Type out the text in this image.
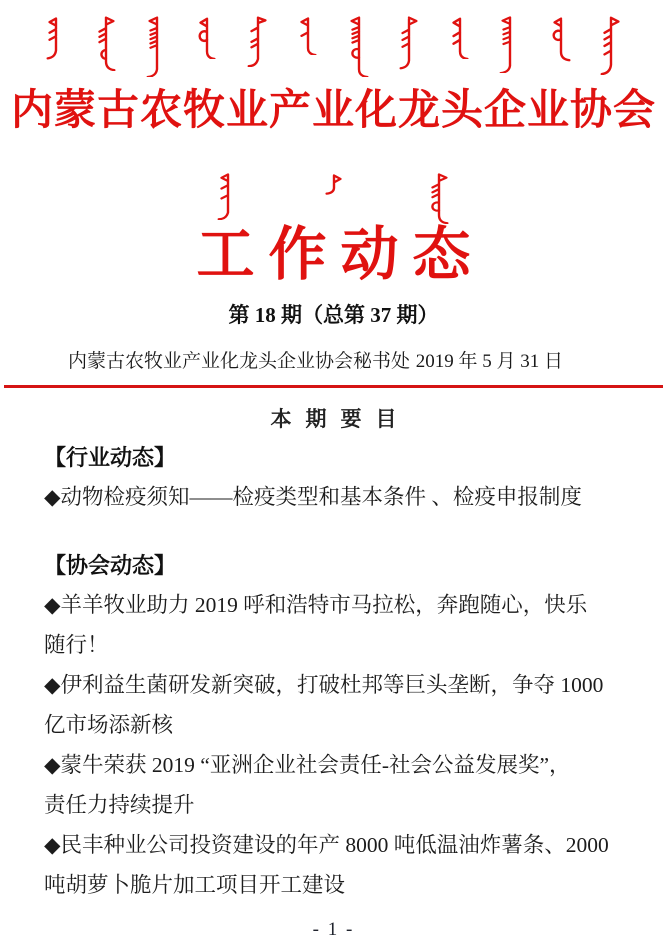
内蒙古农牧业产业化龙头企业协会
工作动态
第 18 期（总第 37 期）
内蒙古农牧业产业化龙头企业协会秘书处 2019 年 5 月 31 日
本期要目
【行业动态】
◆动物检疫须知——检疫类型和基本条件 、检疫申报制度
【协会动态】
◆羊羊牧业助力 2019 呼和浩特市马拉松，奔跑随心，快乐
随行！
◆伊利益生菌研发新突破，打破杜邦等巨头垄断，争夺 1000
亿市场添新核
◆蒙牛荣获 2019 “亚洲企业社会责任-社会公益发展奖”，
责任力持续提升
◆民丰种业公司投资建设的年产 8000 吨低温油炸薯条、2000
吨胡萝卜脆片加工项目开工建设
- 1 -
